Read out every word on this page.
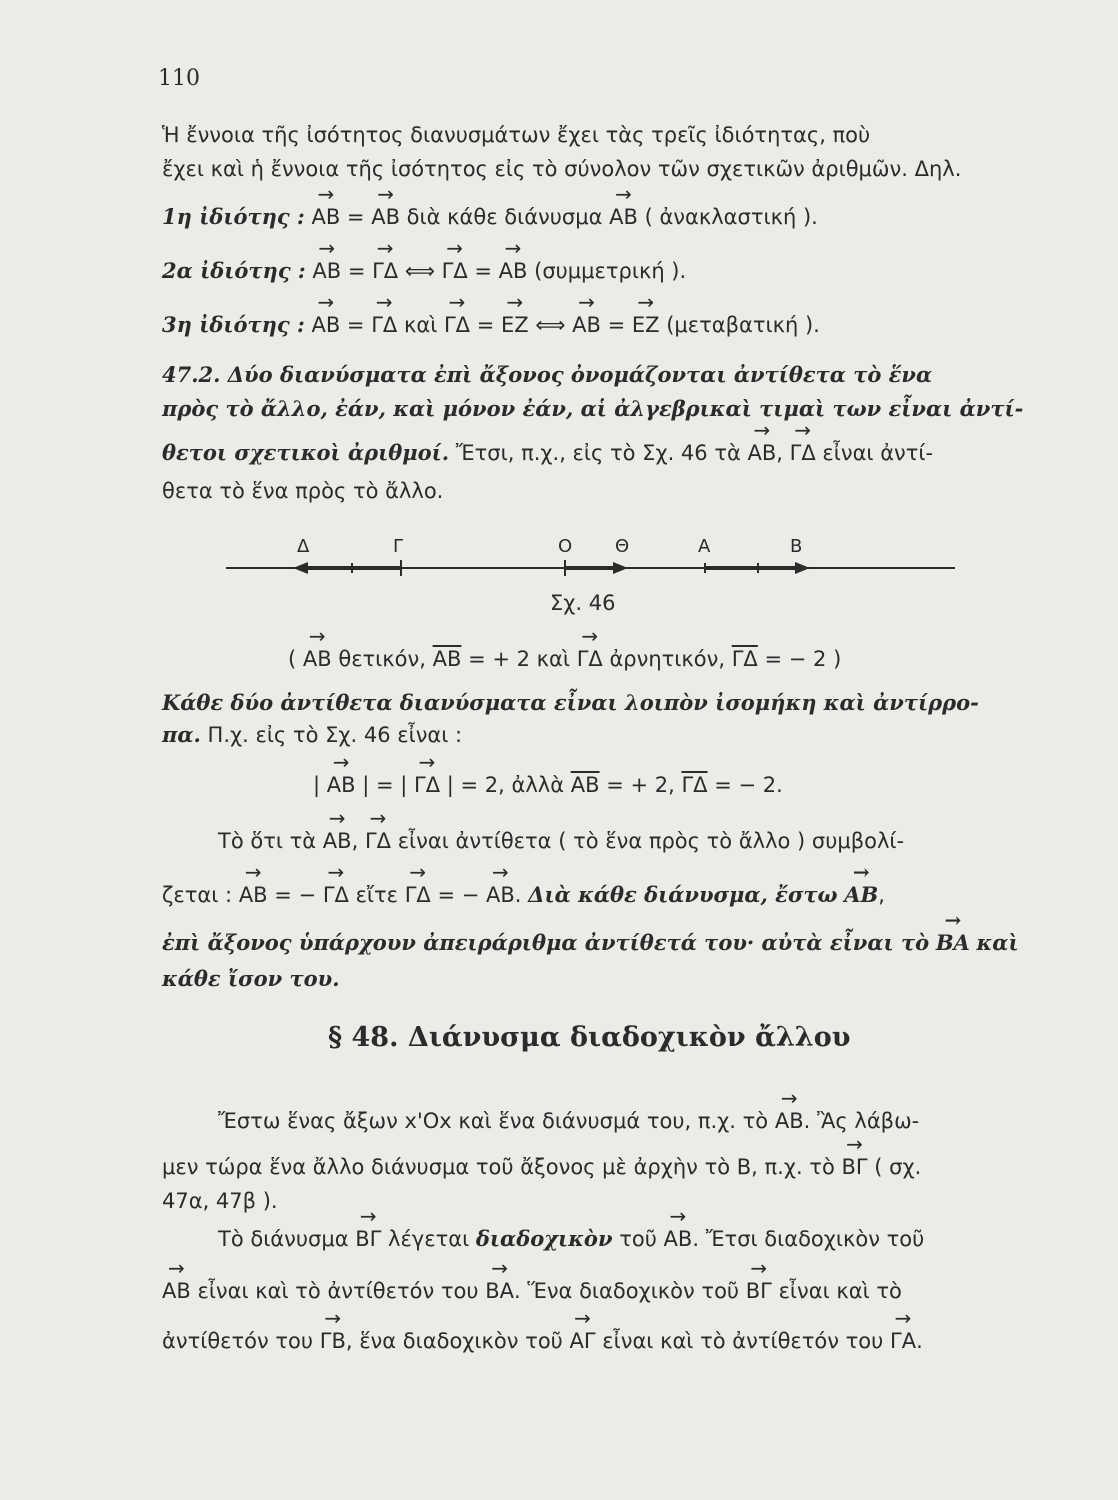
110
Ἡ ἔννοια τῆς ἰσότητος διανυσμάτων ἔχει τὰς τρεῖς ἰδιότητας, ποὺ
ἔχει καὶ ἡ ἔννοια τῆς ἰσότητος εἰς τὸ σύνολον τῶν σχετικῶν ἀριθμῶν. Δηλ.
1η ἰδιότης : → AB = → AB διὰ κάθε διάνυσμα → AB ( ἀνακλαστική ).
2α ἰδιότης : → AB = → ΓΔ ⟺ → ΓΔ = → AB (συμμετρική ).
3η ἰδιότης : → AB = → ΓΔ καὶ → ΓΔ = → EZ ⟺ → AB = → EZ (μεταβατική ).
47.2. Δύο διανύσματα ἐπὶ ἄξονος ὀνομάζονται ἀντίθετα τὸ ἕνα
πρὸς τὸ ἄλλο, ἐάν, καὶ μόνον ἐάν, αἱ ἀλγεβρικαὶ τιμαὶ των εἶναι ἀντί-
θετοι σχετικοὶ ἀριθμοί. Ἔτσι, π.χ., εἰς τὸ Σχ. 46 τὰ → AB, → ΓΔ εἶναι ἀντί-
θετα τὸ ἕνα πρὸς τὸ ἄλλο.
Δ	Γ	Ο Θ	Α	Β
Σχ. 46
( → AB θετικόν, $\overline{AB}$ = + 2 καὶ → ΓΔ ἀρνητικόν, $\overline{\Gamma\Delta}$ = − 2 )
Κάθε δύο ἀντίθετα διανύσματα εἶναι λοιπὸν ἰσομήκη καὶ ἀντίρρο-
πα. Π.χ. εἰς τὸ Σχ. 46 εἶναι :
| → AB | = | → ΓΔ | = 2, ἀλλὰ $\overline{AB}$ = + 2, $\overline{\Gamma\Delta}$ = − 2.
Τὸ ὅτι τὰ → AB, → ΓΔ εἶναι ἀντίθετα ( τὸ ἕνα πρὸς τὸ ἄλλο ) συμβολί-
ζεται : → AB = − → ΓΔ εἴτε → ΓΔ = − → AB. Διὰ κάθε διάνυσμα, ἔστω → AB,
ἐπὶ ἄξονος ὑπάρχουν ἀπειράριθμα ἀντίθετά του· αὐτὰ εἶναι τὸ → BA καὶ
κάθε ἴσον του.
§ 48. Διάνυσμα διαδοχικὸν ἄλλου
Ἔστω ἕνας ἄξων x'Ox καὶ ἕνα διάνυσμά του, π.χ. τὸ → AB. Ἂς λάβω-
μεν τώρα ἕνα ἄλλο διάνυσμα τοῦ ἄξονος μὲ ἀρχὴν τὸ Β, π.χ. τὸ → BΓ ( σχ.
47α, 47β ).
Τὸ διάνυσμα → BΓ λέγεται διαδοχικὸν τοῦ → AB. Ἔτσι διαδοχικὸν τοῦ
→ AB εἶναι καὶ τὸ ἀντίθετόν του → BA. Ἕνα διαδοχικὸν τοῦ → BΓ εἶναι καὶ τὸ
ἀντίθετόν του → ΓB, ἕνα διαδοχικὸν τοῦ → AΓ εἶναι καὶ τὸ ἀντίθετόν του → ΓA.
